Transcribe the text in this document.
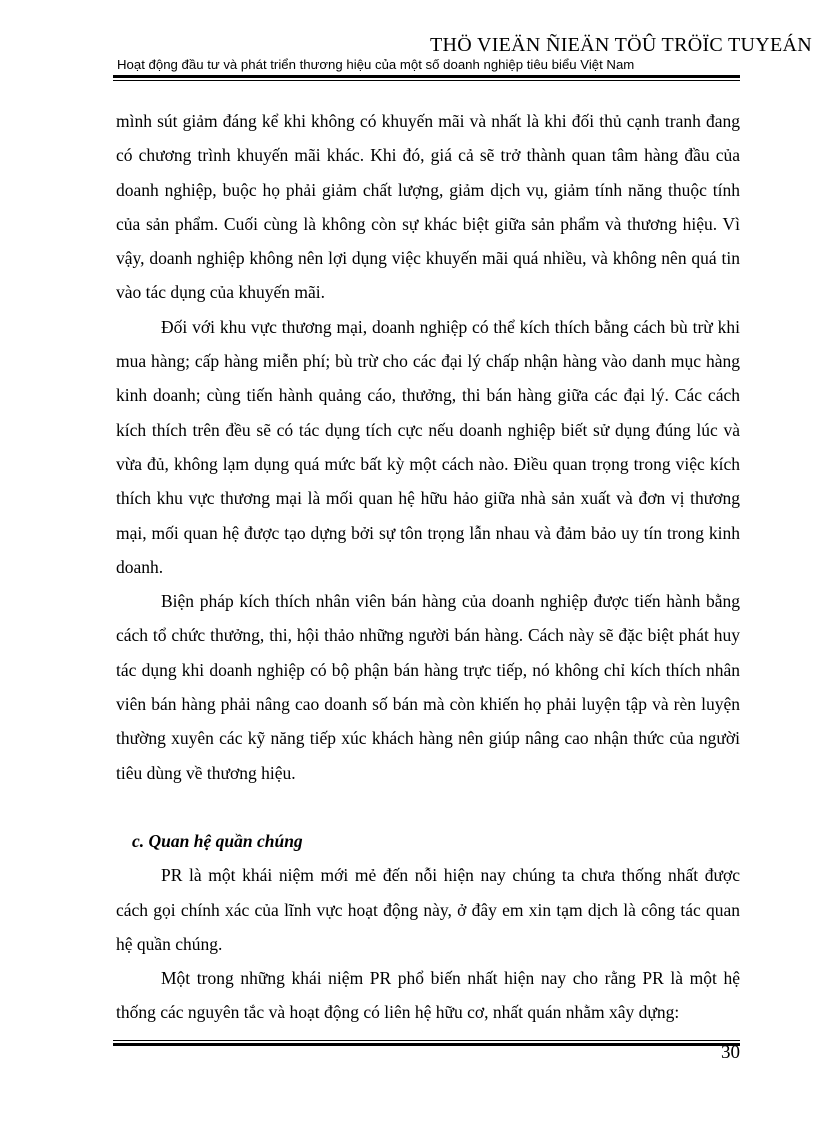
THÖ VIEÄN ÑIEÄN TÖÛ TRÖÏC TUYEÁN
Hoạt động đầu tư và phát triển thương hiệu của một số doanh nghiệp tiêu biểu Việt Nam

mình sút giảm đáng kể khi không có khuyến mãi và nhất là khi đối thủ cạnh tranh đang có chương trình khuyến mãi khác. Khi đó, giá cả sẽ trở thành quan tâm hàng đầu của doanh nghiệp, buộc họ phải giảm chất lượng, giảm dịch vụ, giảm tính năng thuộc tính của sản phẩm. Cuối cùng là không còn sự khác biệt giữa sản phẩm và thương hiệu. Vì vậy, doanh nghiệp không nên lợi dụng việc khuyến mãi quá nhiều, và không nên quá tin vào tác dụng của khuyến mãi.

Đối với khu vực thương mại, doanh nghiệp có thể kích thích bằng cách bù trừ khi mua hàng; cấp hàng miễn phí; bù trừ cho các đại lý chấp nhận hàng vào danh mục hàng kinh doanh; cùng tiến hành quảng cáo, thưởng, thi bán hàng giữa các đại lý. Các cách kích thích trên đều sẽ có tác dụng tích cực nếu doanh nghiệp biết sử dụng đúng lúc và vừa đủ, không lạm dụng quá mức bất kỳ một cách nào. Điều quan trọng trong việc kích thích khu vực thương mại là mối quan hệ hữu hảo giữa nhà sản xuất và đơn vị thương mại, mối quan hệ được tạo dựng bởi sự tôn trọng lẫn nhau và đảm bảo uy tín trong kinh doanh.

Biện pháp kích thích nhân viên bán hàng của doanh nghiệp được tiến hành bằng cách tổ chức thưởng, thi, hội thảo những người bán hàng. Cách này sẽ đặc biệt phát huy tác dụng khi doanh nghiệp có bộ phận bán hàng trực tiếp, nó không chỉ kích thích nhân viên bán hàng phải nâng cao doanh số bán mà còn khiến họ phải luyện tập và rèn luyện thường xuyên các kỹ năng tiếp xúc khách hàng nên giúp nâng cao nhận thức của người tiêu dùng về thương hiệu.

c. Quan hệ quần chúng

PR là một khái niệm mới mẻ đến nỗi hiện nay chúng ta chưa thống nhất được cách gọi chính xác của lĩnh vực hoạt động này, ở đây em xin tạm dịch là công tác quan hệ quần chúng.

Một trong những khái niệm PR phổ biến nhất hiện nay cho rằng PR là một hệ thống các nguyên tắc và hoạt động có liên hệ hữu cơ, nhất quán nhằm xây dựng:

30
